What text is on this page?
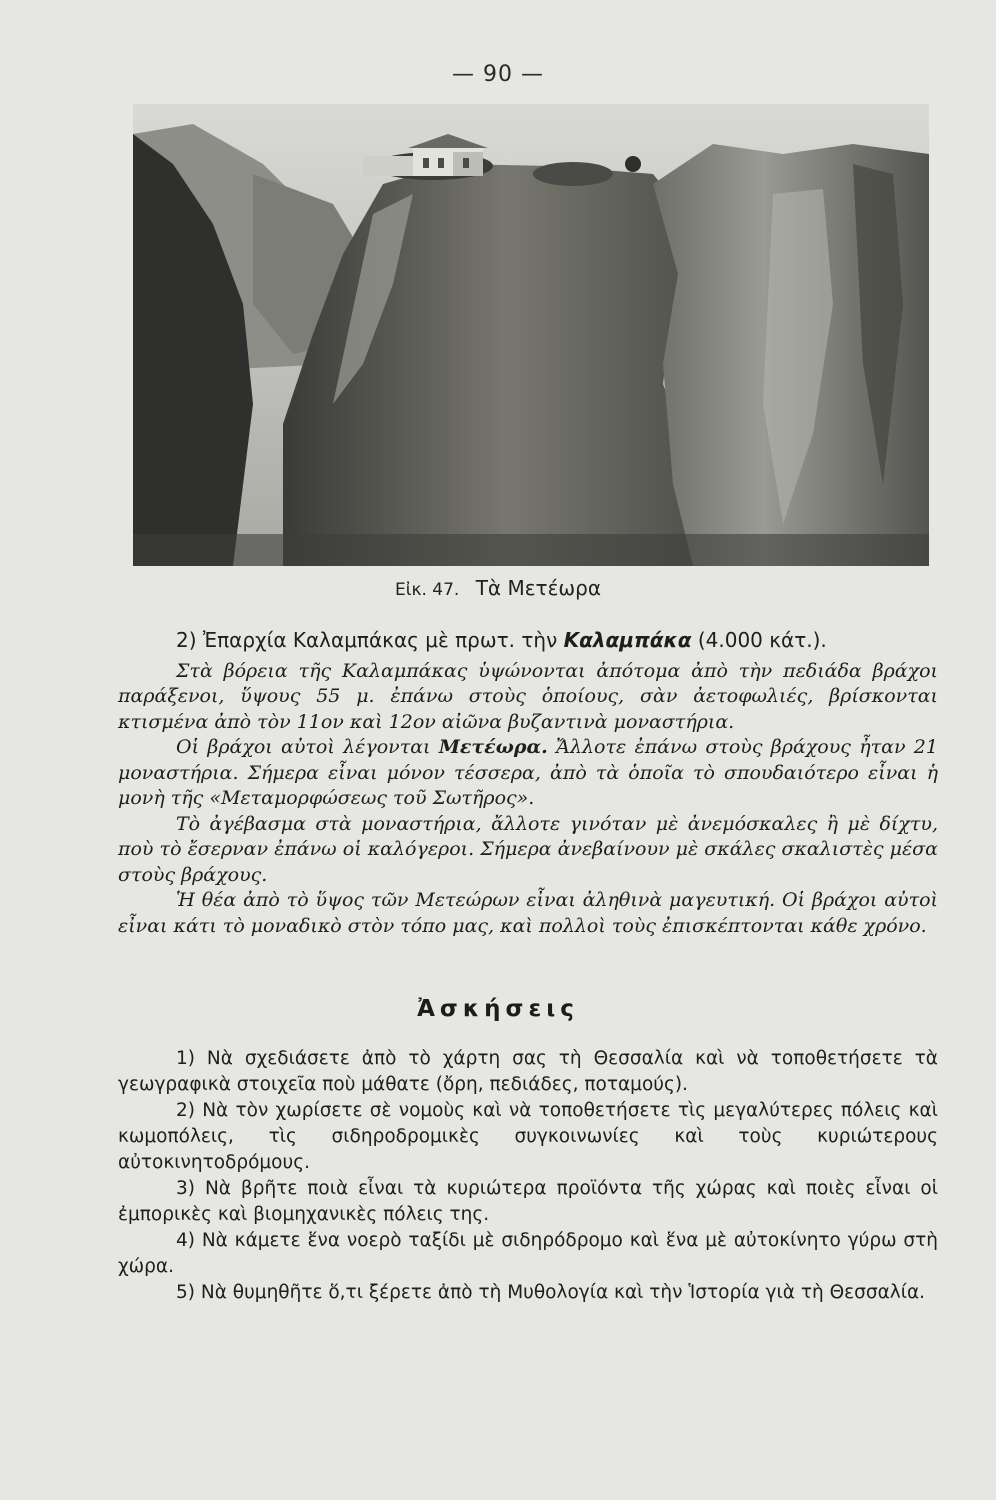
— 90 —
Εἰκ. 47. Τὰ Μετέωρα

2) Ἐπαρχία Καλαμπάκας μὲ πρωτ. τὴν Καλαμπάκα (4.000 κάτ.).

Στὰ βόρεια τῆς Καλαμπάκας ὑψώνονται ἀπότομα ἀπὸ τὴν πεδιάδα βράχοι παράξενοι, ὕψους 55 μ. ἐπάνω στοὺς ὁποίους, σὰν ἀετοφωλιές, βρίσκονται κτισμένα ἀπὸ τὸν 11ον καὶ 12ον αἰῶνα βυζαντινὰ μοναστήρια.

Οἱ βράχοι αὐτοὶ λέγονται Μετέωρα. Ἄλλοτε ἐπάνω στοὺς βράχους ἦταν 21 μοναστήρια. Σήμερα εἶναι μόνον τέσσερα, ἀπὸ τὰ ὁποῖα τὸ σπουδαιότερο εἶναι ἡ μονὴ τῆς «Μεταμορφώσεως τοῦ Σωτῆρος».

Τὸ ἀγέβασμα στὰ μοναστήρια, ἄλλοτε γινόταν μὲ ἀνεμόσκαλες ἢ μὲ δίχτυ, ποὺ τὸ ἔσερναν ἐπάνω οἱ καλόγεροι. Σήμερα ἀνεβαίνουν μὲ σκάλες σκαλιστὲς μέσα στοὺς βράχους.

Ἡ θέα ἀπὸ τὸ ὕψος τῶν Μετεώρων εἶναι ἀληθινὰ μαγευτική. Οἱ βράχοι αὐτοὶ εἶναι κάτι τὸ μοναδικὸ στὸν τόπο μας, καὶ πολλοὶ τοὺς ἐπισκέπτονται κάθε χρόνο.

Ἀσκήσεις

1) Νὰ σχεδιάσετε ἀπὸ τὸ χάρτη σας τὴ Θεσσαλία καὶ νὰ τοποθετήσετε τὰ γεωγραφικὰ στοιχεῖα ποὺ μάθατε (ὄρη, πεδιάδες, ποταμούς).

2) Νὰ τὸν χωρίσετε σὲ νομοὺς καὶ νὰ τοποθετήσετε τὶς μεγαλύτερες πόλεις καὶ κωμοπόλεις, τὶς σιδηροδρομικὲς συγκοινωνίες καὶ τοὺς κυριώτερους αὐτοκινητοδρόμους.

3) Νὰ βρῆτε ποιὰ εἶναι τὰ κυριώτερα προϊόντα τῆς χώρας καὶ ποιὲς εἶναι οἱ ἐμπορικὲς καὶ βιομηχανικὲς πόλεις της.

4) Νὰ κάμετε ἕνα νοερὸ ταξίδι μὲ σιδηρόδρομο καὶ ἕνα μὲ αὐτοκίνητο γύρω στὴ χώρα.

5) Νὰ θυμηθῆτε ὅ,τι ξέρετε ἀπὸ τὴ Μυθολογία καὶ τὴν Ἱστορία γιὰ τὴ Θεσσαλία.
